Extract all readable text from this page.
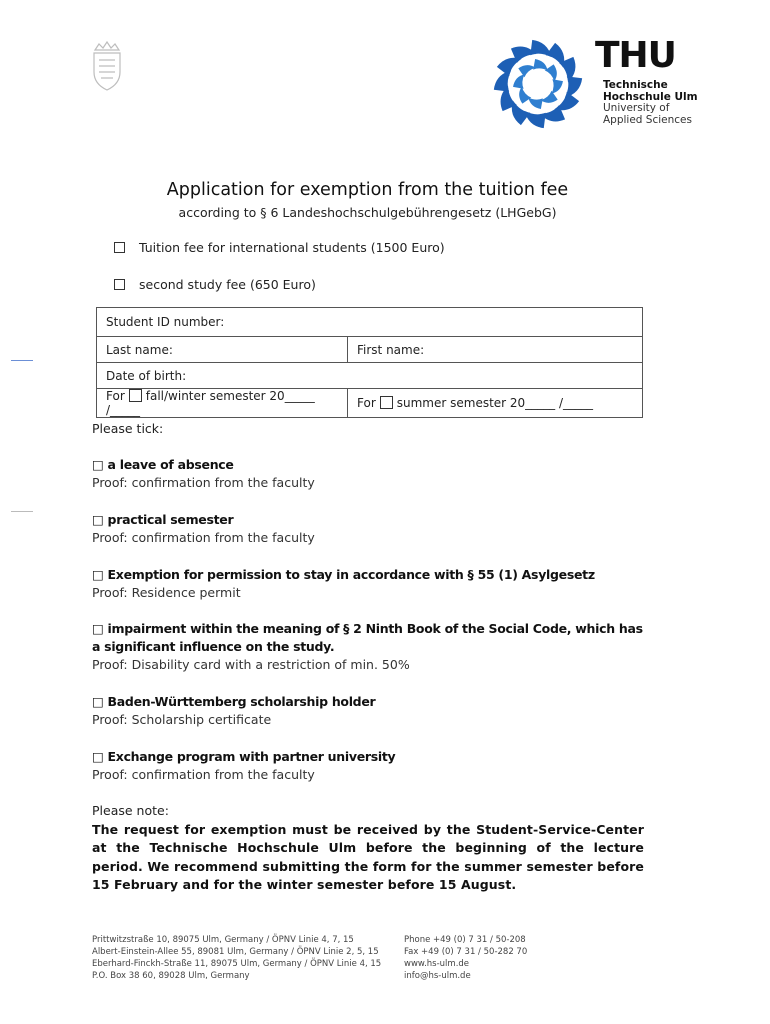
THU
Technische
Hochschule Ulm
University of
Applied Sciences
Application for exemption from the tuition fee
according to § 6 Landeshochschulgebührengesetz (LHGebG)
Tuition fee for international students (1500 Euro)
second study fee (650 Euro)
Student ID number:	
Last name:	First name:
Date of birth:	
For fall/winter semester 20_____ /_____	For summer semester 20_____ /_____
Please tick:
□ a leave of absence
Proof: confirmation from the faculty
□ practical semester
Proof: confirmation from the faculty
□ Exemption for permission to stay in accordance with § 55 (1) Asylgesetz
Proof: Residence permit
□ impairment within the meaning of § 2 Ninth Book of the Social Code, which has a significant influence on the study.
Proof: Disability card with a restriction of min. 50%
□ Baden-Württemberg scholarship holder
Proof: Scholarship certificate
□ Exchange program with partner university
Proof: confirmation from the faculty
Please note:
The request for exemption must be received by the Student-Service-Center at the Technische Hochschule Ulm before the beginning of the lecture period. We recommend submitting the form for the summer semester before 15 February and for the winter semester before 15 August.
Prittwitzstraße 10, 89075 Ulm, Germany / ÖPNV Linie 4, 7, 15
Albert-Einstein-Allee 55, 89081 Ulm, Germany / ÖPNV Linie 2, 5, 15
Eberhard-Finckh-Straße 11, 89075 Ulm, Germany / ÖPNV Linie 4, 15
P.O. Box 38 60, 89028 Ulm, Germany
Phone +49 (0) 7 31 / 50-208
Fax +49 (0) 7 31 / 50-282 70
www.hs-ulm.de
info@hs-ulm.de
